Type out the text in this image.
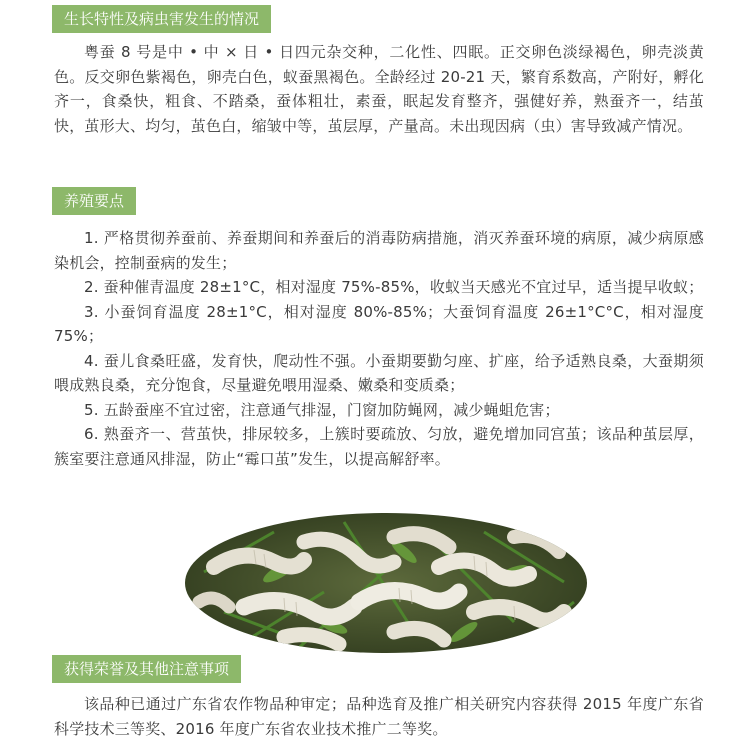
生长特性及病虫害发生的情况

粤蚕 8 号是中 • 中 × 日 • 日四元杂交种，二化性、四眠。正交卵色淡绿褐色，卵壳淡黄色。反交卵色紫褐色，卵壳白色，蚁蚕黑褐色。全龄经过 20-21 天，繁育系数高，产附好，孵化齐一，食桑快，粗食、不踏桑，蚕体粗壮，素蚕，眠起发育整齐，强健好养，熟蚕齐一，结茧快，茧形大、均匀，茧色白，缩皱中等，茧层厚，产量高。未出现因病（虫）害导致减产情况。

养殖要点

1. 严格贯彻养蚕前、养蚕期间和养蚕后的消毒防病措施，消灭养蚕环境的病原，减少病原感染机会，控制蚕病的发生；

2. 蚕种催青温度 28±1°C，相对湿度 75%-85%，收蚁当天感光不宜过早，适当提早收蚁；

3. 小蚕饲育温度 28±1°C，相对湿度 80%-85%；大蚕饲育温度 26±1°C°C，相对湿度 75%；

4. 蚕儿食桑旺盛，发育快，爬动性不强。小蚕期要勤匀座、扩座，给予适熟良桑，大蚕期须喂成熟良桑，充分饱食，尽量避免喂用湿桑、嫩桑和变质桑；

5. 五龄蚕座不宜过密，注意通气排湿，门窗加防蝇网，减少蝇蛆危害；

6. 熟蚕齐一、营茧快，排尿较多，上簇时要疏放、匀放，避免增加同宫茧；该品种茧层厚，簇室要注意通风排湿，防止“霉口茧”发生，以提高解舒率。

获得荣誉及其他注意事项

该品种已通过广东省农作物品种审定；品种选育及推广相关研究内容获得 2015 年度广东省科学技术三等奖、2016 年度广东省农业技术推广二等奖。
